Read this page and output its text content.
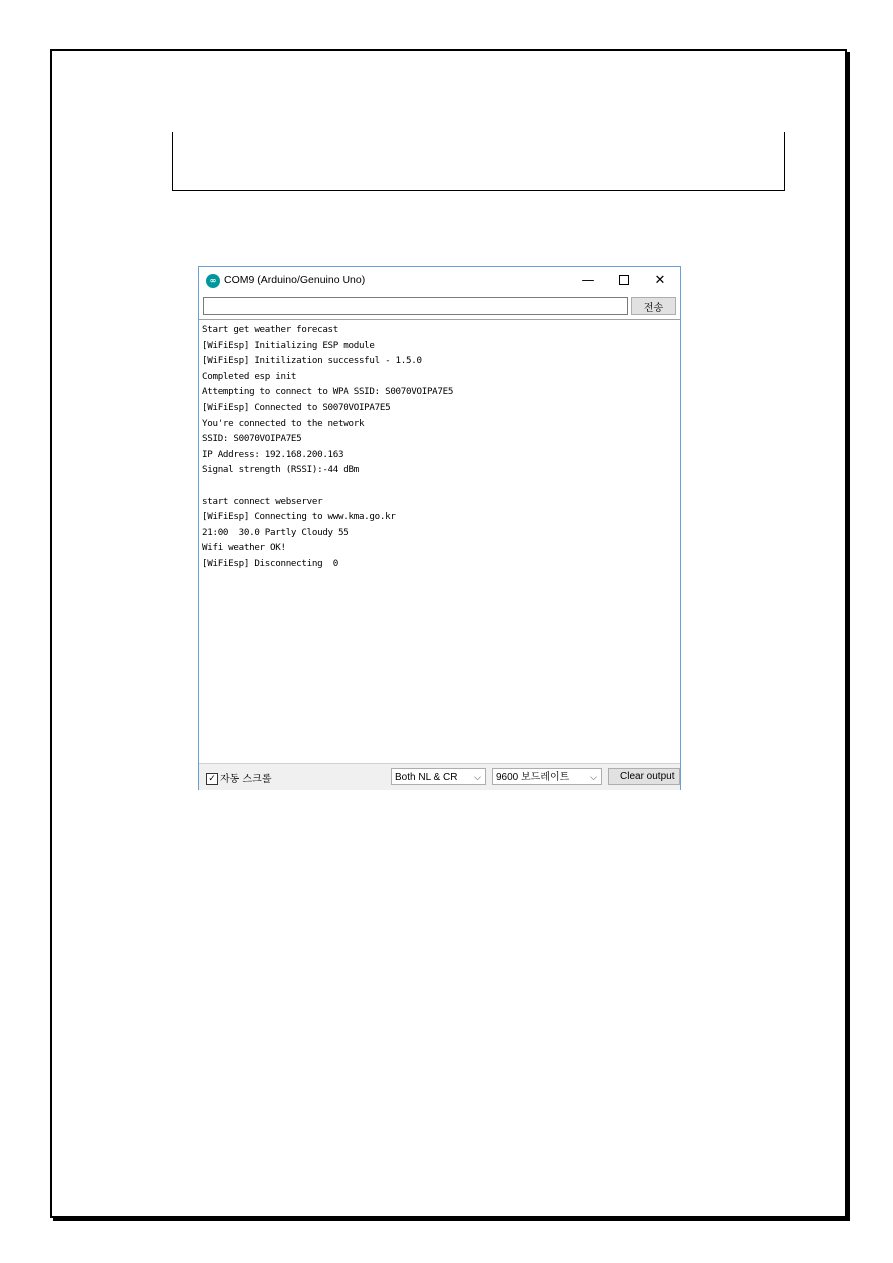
∞ COM9 (Arduino/Genuino Uno)	—	✕
전송
Start get weather forecast
[WiFiEsp] Initializing ESP module
[WiFiEsp] Initilization successful - 1.5.0
Completed esp init
Attempting to connect to WPA SSID: S0070VOIPA7E5
[WiFiEsp] Connected to S0070VOIPA7E5
You're connected to the network
SSID: S0070VOIPA7E5
IP Address: 192.168.200.163
Signal strength (RSSI):-44 dBm
start connect webserver
[WiFiEsp] Connecting to www.kma.go.kr
21:00  30.0 Partly Cloudy 55
Wifi weather OK!
[WiFiEsp] Disconnecting  0
✓ 자동 스크롤	Both NL & CR ⌵	9600 보드레이트 ⌵	Clear output
